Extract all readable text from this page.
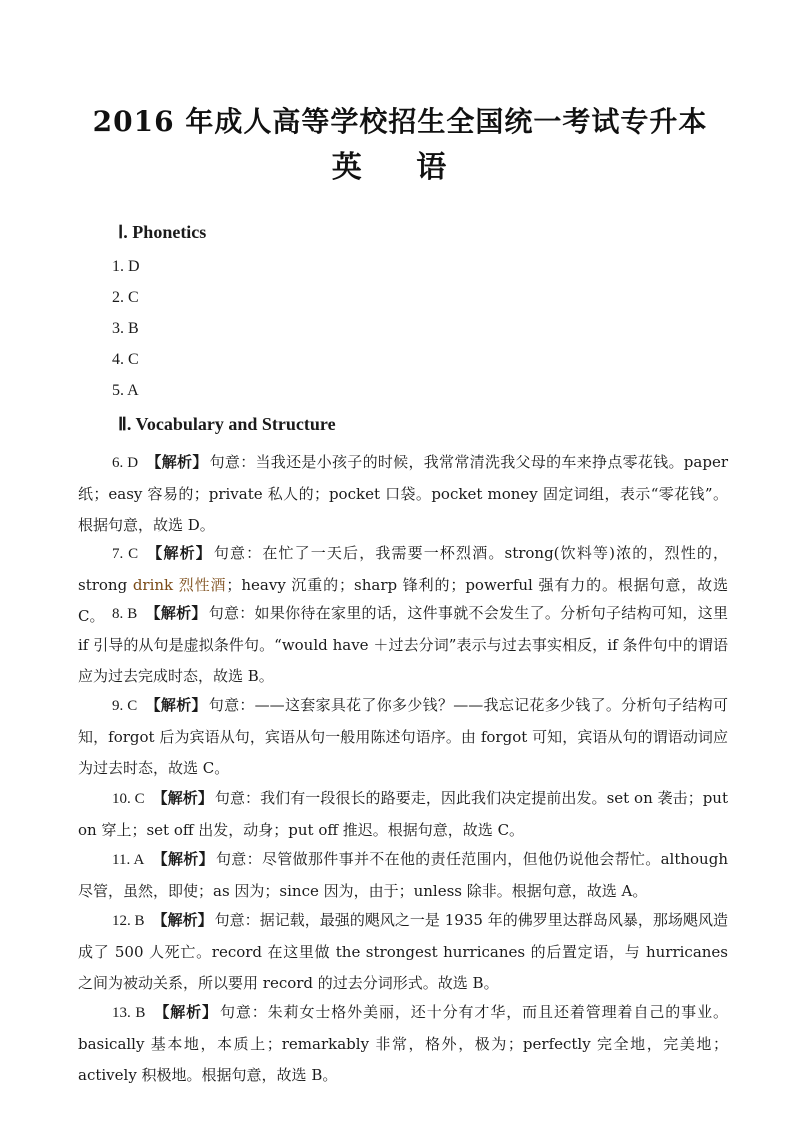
2016 年成人高等学校招生全国统一考试专升本
英 语
Ⅰ. Phonetics
1. D
2. C
3. B
4. C
5. A
Ⅱ. Vocabulary and Structure
6. D 【解析】 句意：当我还是小孩子的时候，我常常清洗我父母的车来挣点零花钱。paper 纸；easy 容易的；private 私人的；pocket 口袋。pocket money 固定词组，表示“零花钱”。根据句意，故选 D。
7. C 【解析】 句意：在忙了一天后，我需要一杯烈酒。strong(饮料等)浓的，烈性的，strong drink 烈性酒；heavy 沉重的；sharp 锋利的；powerful 强有力的。根据句意，故选 C。 8. B 【解析】 句意：如果你待在家里的话，这件事就不会发生了。分析句子结构可知，这里 if 引导的从句是虚拟条件句。“would have ＋过去分词”表示与过去事实相反，if 条件句中的谓语应为过去完成时态，故选 B。
9. C 【解析】 句意：——这套家具花了你多少钱？——我忘记花多少钱了。分析句子结构可知，forgot 后为宾语从句，宾语从句一般用陈述句语序。由 forgot 可知，宾语从句的谓语动词应为过去时态，故选 C。
10. C 【解析】 句意：我们有一段很长的路要走，因此我们决定提前出发。set on 袭击；put on 穿上；set off 出发，动身；put off 推迟。根据句意，故选 C。
11. A 【解析】 句意：尽管做那件事并不在他的责任范围内，但他仍说他会帮忙。although 尽管，虽然，即使；as 因为；since 因为，由于；unless 除非。根据句意，故选 A。
12. B 【解析】 句意：据记载，最强的飓风之一是 1935 年的佛罗里达群岛风暴，那场飓风造成了 500 人死亡。record 在这里做 the strongest hurricanes 的后置定语，与 hurricanes 之间为被动关系，所以要用 record 的过去分词形式。故选 B。
13. B 【解析】 句意：朱莉女士格外美丽，还十分有才华，而且还着管理着自己的事业。basically 基本地，本质上；remarkably 非常，格外，极为；perfectly 完全地，完美地；actively 积极地。根据句意，故选 B。
